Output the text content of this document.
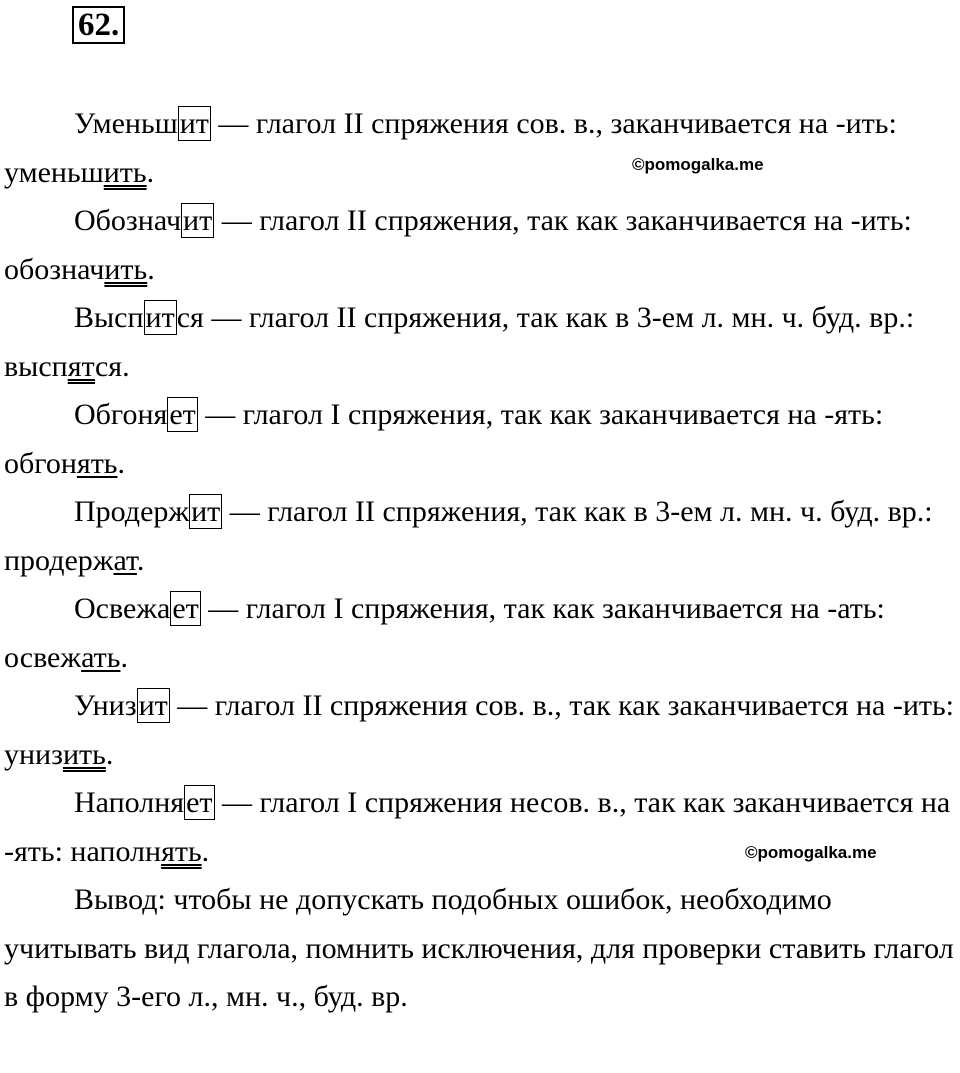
62.
©pomogalka.me
©pomogalka.me

Уменьшит — глагол II спряжения сов. в., заканчивается на -ить: уменьшить.

Обозначит — глагол II спряжения, так как заканчивается на -ить: обозначить.

Выспится — глагол II спряжения, так как в 3-ем л. мн. ч. буд. вр.: выспятся.

Обгоняет — глагол I спряжения, так как заканчивается на -ять: обгонять.

Продержит — глагол II спряжения, так как в 3-ем л. мн. ч. буд. вр.: продержат.

Освежает — глагол I спряжения, так как заканчивается на -ать: освежать.

Унизит — глагол II спряжения сов. в., так как заканчивается на -ить: унизить.

Наполняет — глагол I спряжения несов. в., так как заканчивается на -ять: наполнять.

Вывод: чтобы не допускать подобных ошибок, необходимо учитывать вид глагола, помнить исключения, для проверки ставить глагол в форму 3-его л., мн. ч., буд. вр.
